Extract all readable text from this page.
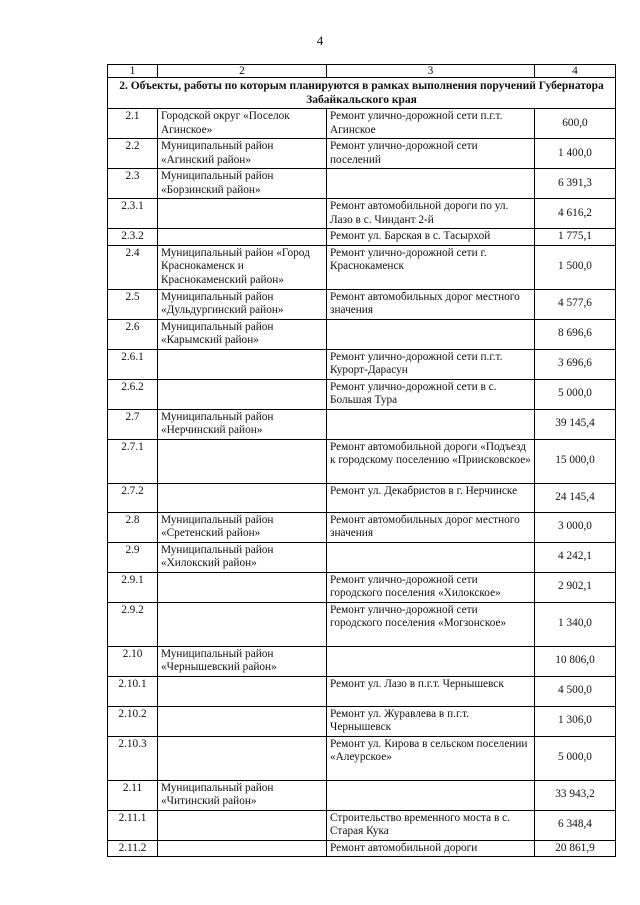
4
1	2	3	4
2. Объекты, работы по которым планируются в рамках выполнения поручений Губернатора Забайкальского края			
2.1	Городской округ «Поселок Агинское»	Ремонт улично-дорожной сети п.г.т. Агинское	600,0
2.2	Муниципальный район «Агинский район»	Ремонт улично-дорожной сети поселений	1 400,0
2.3	Муниципальный район «Борзинский район»		6 391,3
2.3.1		Ремонт автомобильной дороги по ул. Лазо в с. Чиндант 2-й	4 616,2
2.3.2		Ремонт ул. Барская в с. Тасырхой	1 775,1
2.4	Муниципальный район «Город Краснокаменск и Краснокаменский район»	Ремонт улично-дорожной сети г. Краснокаменск	1 500,0
2.5	Муниципальный район «Дульдургинский район»	Ремонт автомобильных дорог местного значения	4 577,6
2.6	Муниципальный район «Карымский район»		8 696,6
2.6.1		Ремонт улично-дорожной сети п.г.т. Курорт-Дарасун	3 696,6
2.6.2		Ремонт улично-дорожной сети в с. Большая Тура	5 000,0
2.7	Муниципальный район «Нерчинский район»		39 145,4
2.7.1		Ремонт автомобильной дороги «Подъезд к городскому поселению «Приисковское»	15 000,0
2.7.2		Ремонт ул. Декабристов в г. Нерчинске	24 145,4
2.8	Муниципальный район «Сретенский район»	Ремонт автомобильных дорог местного значения	3 000,0
2.9	Муниципальный район «Хилокский район»		4 242,1
2.9.1		Ремонт улично-дорожной сети городского поселения «Хилокское»	2 902,1
2.9.2		Ремонт улично-дорожной сети городского поселения «Могзонское»	1 340,0
2.10	Муниципальный район «Чернышевский район»		10 806,0
2.10.1		Ремонт ул. Лазо в п.г.т. Чернышевск	4 500,0
2.10.2		Ремонт ул. Журавлева в п.г.т. Чернышевск	1 306,0
2.10.3		Ремонт ул. Кирова в сельском поселении «Алеурское»	5 000,0
2.11	Муниципальный район «Читинский район»		33 943,2
2.11.1		Строительство временного моста в с. Старая Кука	6 348,4
2.11.2		Ремонт автомобильной дороги	20 861,9
